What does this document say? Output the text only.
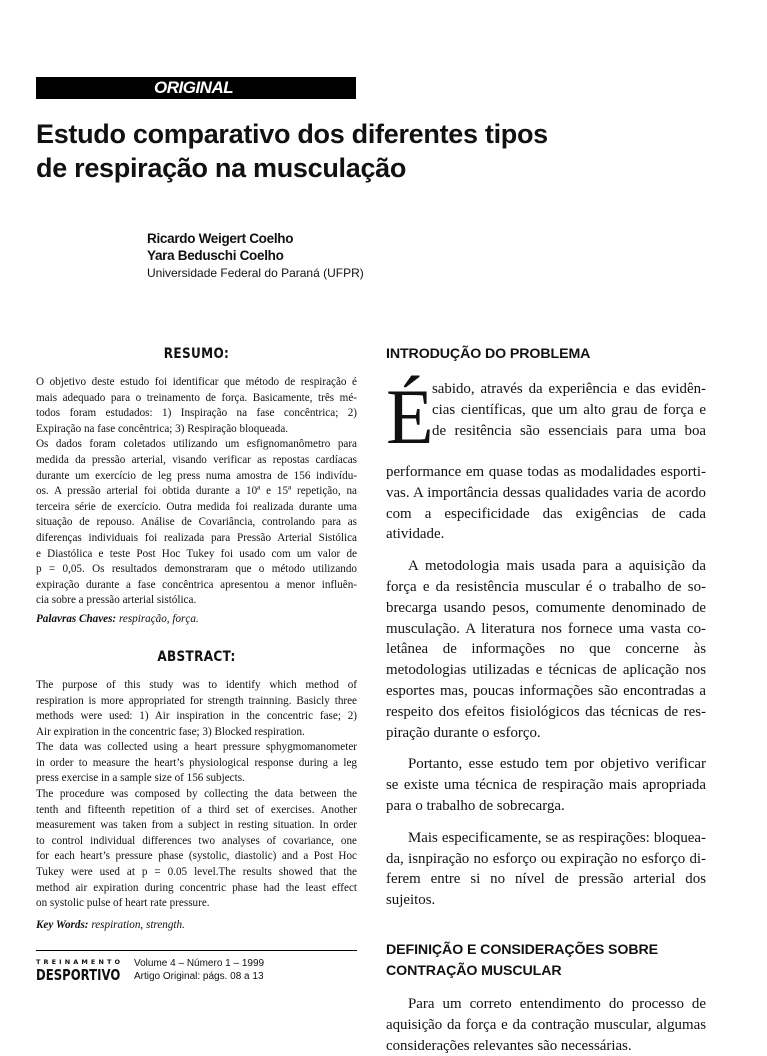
ORIGINAL
Estudo comparativo dos diferentes tipos
de respiração na musculação
Ricardo Weigert Coelho
Yara Beduschi Coelho
Universidade Federal do Paraná (UFPR)
RESUMO:
O objetivo deste estudo foi identificar que método de respiração é
mais adequado para o treinamento de força. Basicamente, três mé-
todos foram estudados: 1) Inspiração na fase concêntrica; 2)
Expiração na fase concêntrica; 3) Respiração bloqueada.
Os dados foram coletados utilizando um esfignomanômetro para
medida da pressão arterial, visando verificar as repostas cardíacas
durante um exercício de leg press numa amostra de 156 indivídu-
os. A pressão arterial foi obtida durante a 10ª e 15ª repetição, na
terceira série de exercício. Outra medida foi realizada durante uma
situação de repouso. Análise de Covariância, controlando para as
diferenças individuais foi realizada para Pressão Arterial Sistólica
e Diastólica e teste Post Hoc Tukey foi usado com um valor de
p = 0,05. Os resultados demonstraram que o método utilizando
expiração durante a fase concêntrica apresentou a menor influên-
cia sobre a pressão arterial sistólica.
Palavras Chaves: respiração, força.
ABSTRACT:
The purpose of this study was to identify which method of
respiration is more appropriated for strength trainning. Basicly three
methods were used: 1) Air inspiration in the concentric fase; 2)
Air expiration in the concentric fase; 3) Blocked respiration.
The data was collected using a heart pressure sphygmomanometer
in order to measure the heart’s physiological response during a leg
press exercise in a sample size of 156 subjects.
The procedure was composed by collecting the data between the
tenth and fifteenth repetition of a third set of exercises. Another
measurement was taken from a subject in resting situation. In order
to control individual differences two analyses of covariance, one
for each heart’s pressure phase (systolic, diastolic) and a Post Hoc
Tukey were used at p = 0.05 level.The results showed that the
method air expiration during concentric phase had the least effect
on systolic pulse of heart rate pressure.
Key Words: respiration, strength.
TREINAMENTO
DESPORTIVO
Volume 4 – Número 1 – 1999
Artigo Original: págs. 08 a 13
INTRODUÇÃO DO PROBLEMA
É
sabido, através da experiência e das evidên-
cias científicas, que um alto grau de força e
de resitência são essenciais para uma boa
performance em quase todas as modalidades esporti-
vas. A importância dessas qualidades varia de acordo
com a especificidade das exigências de cada atividade.
A metodologia mais usada para a aquisição da
força e da resistência muscular é o trabalho de so-
brecarga usando pesos, comumente denominado de
musculação. A literatura nos fornece uma vasta co-
letânea de informações no que concerne às
metodologias utilizadas e técnicas de aplicação nos
esportes mas, poucas informações são encontradas a
respeito dos efeitos fisiológicos das técnicas de res-
piração durante o esforço.
Portanto, esse estudo tem por objetivo verificar
se existe uma técnica de respiração mais apropriada
para o trabalho de sobrecarga.
Mais especificamente, se as respirações: bloquea-
da, isnpiração no esforço ou expiração no esforço di-
ferem entre si no nível de pressão arterial dos sujeitos.
DEFINIÇÃO E CONSIDERAÇÕES SOBRE
CONTRAÇÃO MUSCULAR
Para um correto entendimento do processo de
aquisição da força e da contração muscular, algumas
considerações relevantes são necessárias.
